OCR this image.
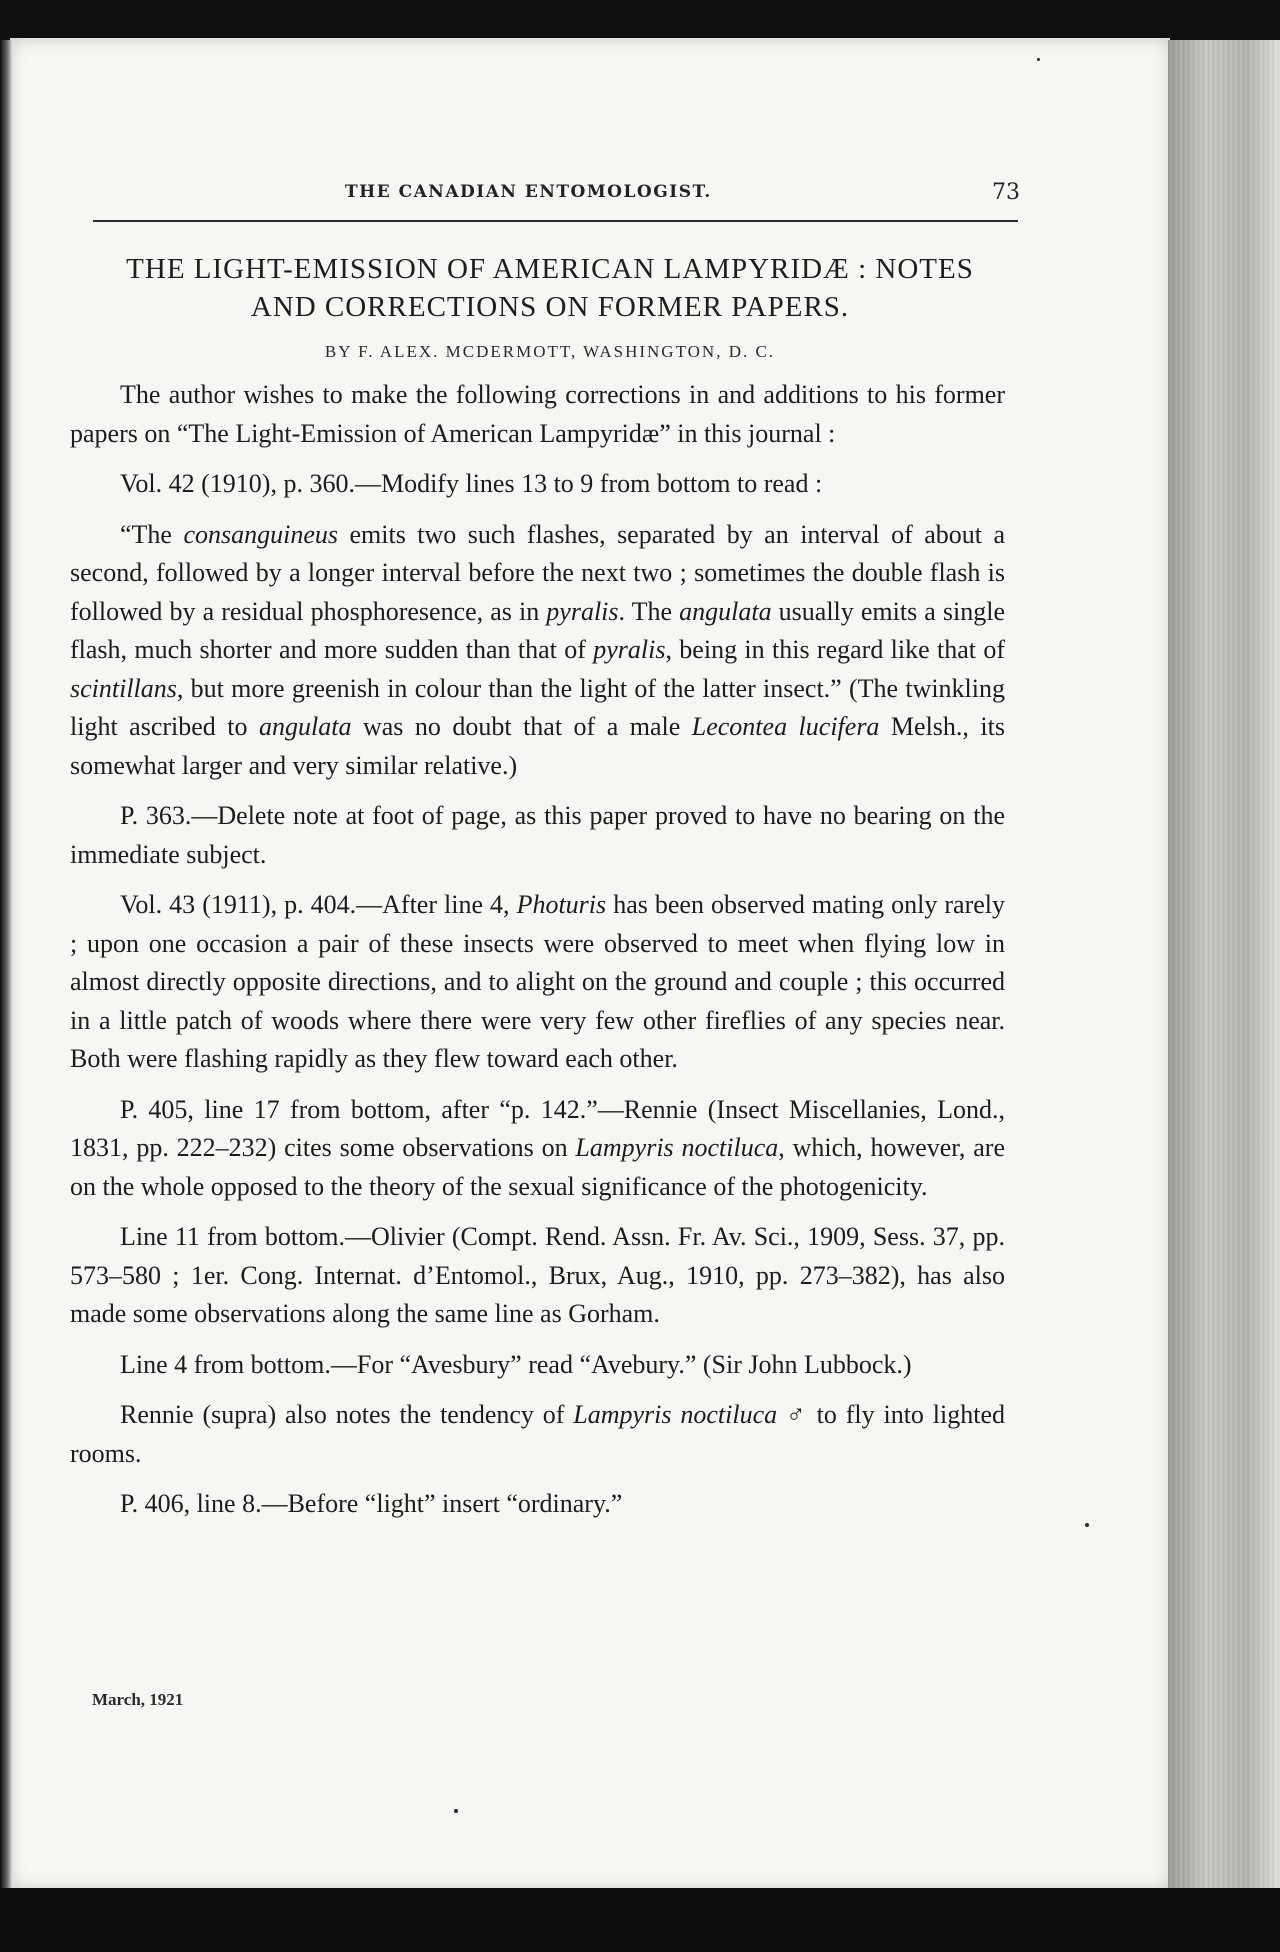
THE CANADIAN ENTOMOLOGIST.	73
THE LIGHT-EMISSION OF AMERICAN LAMPYRIDÆ : NOTES
AND CORRECTIONS ON FORMER PAPERS.
BY F. ALEX. MCDERMOTT, WASHINGTON, D. C.

The author wishes to make the following corrections in and additions to his former papers on “The Light-Emission of American Lampyridæ” in this journal :

Vol. 42 (1910), p. 360.—Modify lines 13 to 9 from bottom to read :

“The consanguineus emits two such flashes, separated by an interval of about a second, followed by a longer interval before the next two ; sometimes the double flash is followed by a residual phosphoresence, as in pyralis. The angulata usually emits a single flash, much shorter and more sudden than that of pyralis, being in this regard like that of scintillans, but more greenish in colour than the light of the latter insect.” (The twinkling light ascribed to angulata was no doubt that of a male Lecontea lucifera Melsh., its somewhat larger and very similar relative.)

P. 363.—Delete note at foot of page, as this paper proved to have no bearing on the immediate subject.

Vol. 43 (1911), p. 404.—After line 4, Photuris has been observed mating only rarely ; upon one occasion a pair of these insects were observed to meet when flying low in almost directly opposite directions, and to alight on the ground and couple ; this occurred in a little patch of woods where there were very few other fireflies of any species near. Both were flashing rapidly as they flew toward each other.

P. 405, line 17 from bottom, after “p. 142.”—Rennie (Insect Miscellanies, Lond., 1831, pp. 222–232) cites some observations on Lampyris noctiluca, which, however, are on the whole opposed to the theory of the sexual significance of the photogenicity.

Line 11 from bottom.—Olivier (Compt. Rend. Assn. Fr. Av. Sci., 1909, Sess. 37, pp. 573–580 ; 1er. Cong. Internat. d’Entomol., Brux, Aug., 1910, pp. 273–382), has also made some observations along the same line as Gorham.

Line 4 from bottom.—For “Avesbury” read “Avebury.” (Sir John Lubbock.)

Rennie (supra) also notes the tendency of Lampyris noctiluca ♂ to fly into lighted rooms.

P. 406, line 8.—Before “light” insert “ordinary.”

March, 1921
